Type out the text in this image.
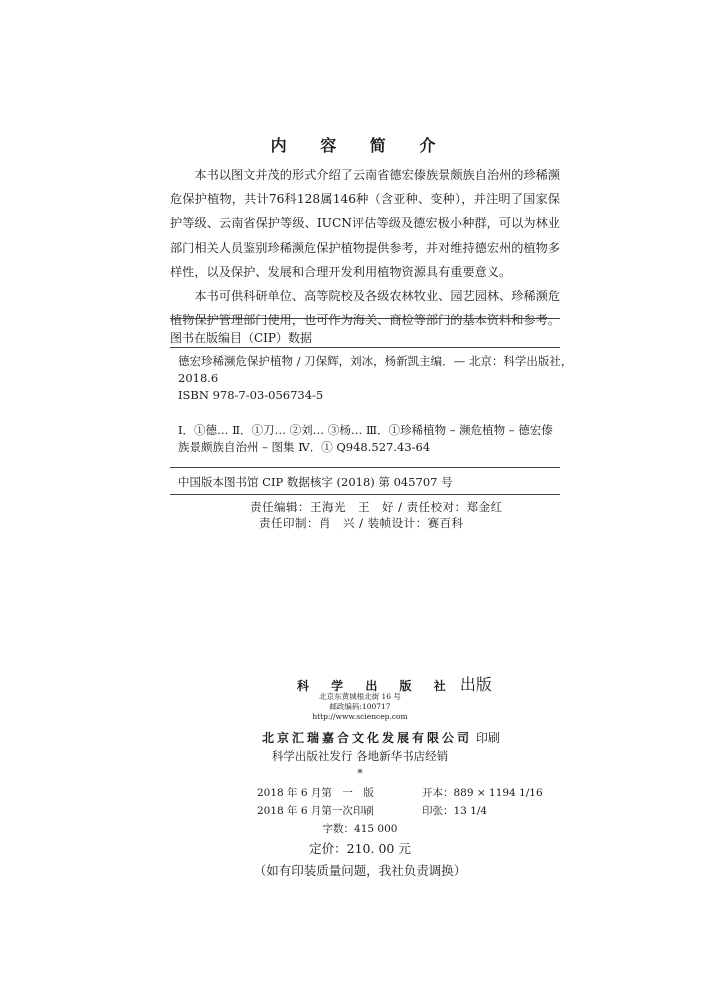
内 容 简 介

本书以图文并茂的形式介绍了云南省德宏傣族景颇族自治州的珍稀濒危保护植物，共计76科128属146种（含亚种、变种），并注明了国家保护等级、云南省保护等级、IUCN评估等级及德宏极小种群，可以为林业部门相关人员鉴别珍稀濒危保护植物提供参考，并对维持德宏州的植物多样性，以及保护、发展和合理开发利用植物资源具有重要意义。

本书可供科研单位、高等院校及各级农林牧业、园艺园林、珍稀濒危植物保护管理部门使用，也可作为海关、商检等部门的基本资料和参考。

图书在版编目（CIP）数据
德宏珍稀濒危保护植物 / 刀保辉，刘冰，杨新凯主编．— 北京：科学出版社，
2018.6
ISBN 978-7-03-056734-5
Ⅰ．①德… Ⅱ．①刀… ②刘… ③杨… Ⅲ．①珍稀植物 – 濒危植物 – 德宏傣
族景颇族自治州 – 图集 Ⅳ．① Q948.527.43-64
中国版本图书馆 CIP 数据核字 (2018) 第 045707 号
责任编辑：王海光　王　好 / 责任校对：郑金红
责任印制：肖　兴 / 装帧设计：赛百科
科 学 出 版 社 出版
北京东黄城根北街 16 号
邮政编码:100717
http://www.sciencep.com
北京汇瑞嘉合文化发展有限公司 印刷
科学出版社发行 各地新华书店经销
*
2018 年 6 月第　一　版	开本：889 × 1194 1/16
2018 年 6 月第一次印刷	印张：13 1/4
字数：415 000
定价：210. 00 元
（如有印装质量问题，我社负责调换）
